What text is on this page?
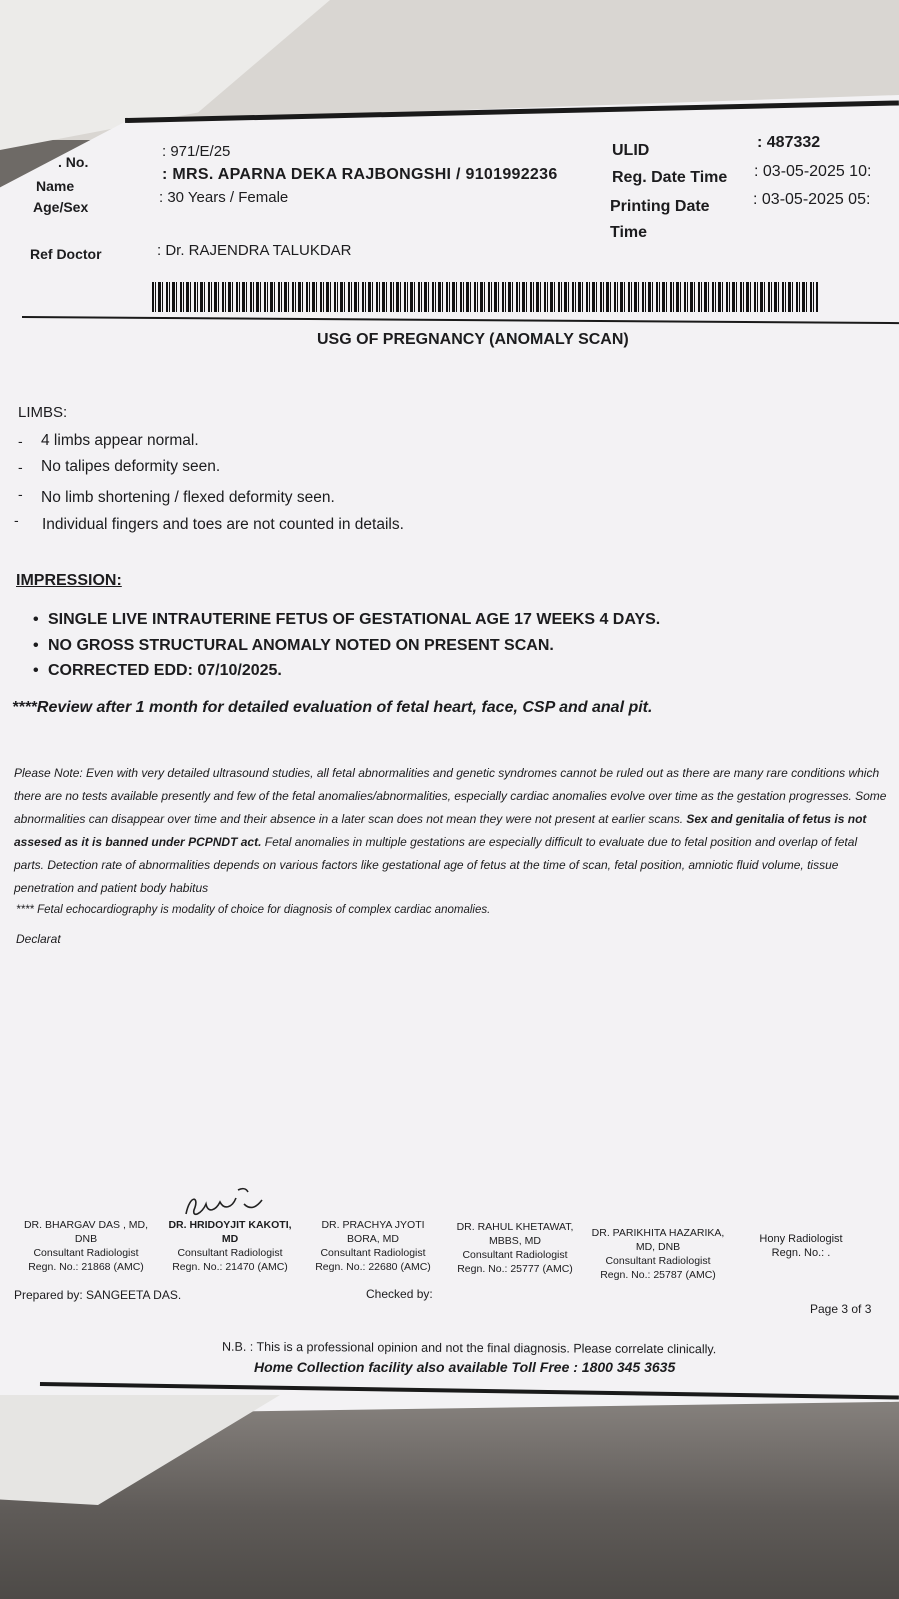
. No.
: 971/E/25
Name
: MRS. APARNA DEKA RAJBONGSHI / 9101992236
Age/Sex
: 30 Years / Female
Ref Doctor	: Dr. RAJENDRA TALUKDAR
ULID	: 487332
Reg. Date Time : 03-05-2025 10:
Printing Date
Time
: 03-05-2025 05:
USG OF PREGNANCY (ANOMALY SCAN)
LIMBS:
- 4 limbs appear normal.
- No talipes deformity seen.
- No limb shortening / flexed deformity seen.
- Individual fingers and toes are not counted in details.
IMPRESSION:
• SINGLE LIVE INTRAUTERINE FETUS OF GESTATIONAL AGE 17 WEEKS 4 DAYS.
• NO GROSS STRUCTURAL ANOMALY NOTED ON PRESENT SCAN.
• CORRECTED EDD: 07/10/2025.
****Review after 1 month for detailed evaluation of fetal heart, face, CSP and anal pit.
Please Note: Even with very detailed ultrasound studies, all fetal abnormalities and genetic syndromes cannot be ruled out as there are many rare conditions which there are no tests available presently and few of the fetal anomalies/abnormalities, especially cardiac anomalies evolve over time as the gestation progresses. Some abnormalities can disappear over time and their absence in a later scan does not mean they were not present at earlier scans. Sex and genitalia of fetus is not assesed as it is banned under PCPNDT act. Fetal anomalies in multiple gestations are especially difficult to evaluate due to fetal position and overlap of fetal parts. Detection rate of abnormalities depends on various factors like gestational age of fetus at the time of scan, fetal position, amniotic fluid volume, tissue penetration and patient body habitus
**** Fetal echocardiography is modality of choice for diagnosis of complex cardiac anomalies.
Declarat
DR. BHARGAV DAS , MD, DNB
Consultant Radiologist
Regn. No.: 21868 (AMC)
DR. HRIDOYJIT KAKOTI, MD
Consultant Radiologist
Regn. No.: 21470 (AMC)
DR. PRACHYA JYOTI BORA, MD
Consultant Radiologist
Regn. No.: 22680 (AMC)
DR. RAHUL KHETAWAT, MBBS, MD
Consultant Radiologist
Regn. No.: 25777 (AMC)
DR. PARIKHITA HAZARIKA, MD, DNB
Consultant Radiologist
Regn. No.: 25787 (AMC)
Hony Radiologist
Regn. No.: .
Prepared by: SANGEETA DAS.	Checked by:
Page 3 of 3
N.B. : This is a professional opinion and not the final diagnosis. Please correlate clinically.
Home Collection facility also available Toll Free : 1800 345 3635
